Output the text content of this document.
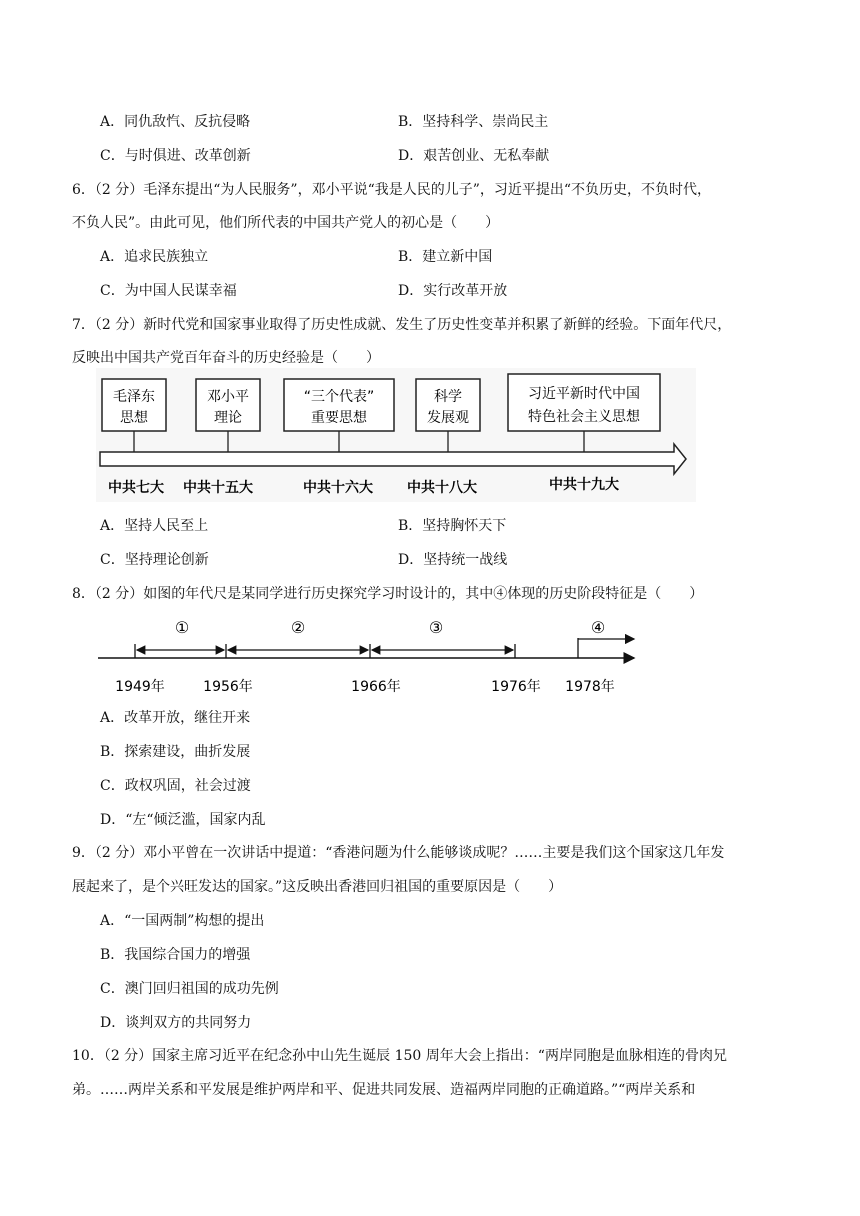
A．同仇敌忾、反抗侵略	B．坚持科学、崇尚民主
C．与时俱进、改革创新	D．艰苦创业、无私奉献
6．（2 分）毛泽东提出“为人民服务”，邓小平说“我是人民的儿子”，习近平提出“不负历史，不负时代，
不负人民”。由此可见，他们所代表的中国共产党人的初心是（　　）
A．追求民族独立	B．建立新中国
C．为中国人民谋幸福	D．实行改革开放
7．（2 分）新时代党和国家事业取得了历史性成就、发生了历史性变革并积累了新鲜的经验。下面年代尺，
反映出中国共产党百年奋斗的历史经验是（　　）
毛泽东
思想
邓小平
理论
“三个代表”
重要思想
科学
发展观
习近平新时代中国
特色社会主义思想
中共七大 中共十五大	中共十六大 中共十八大	中共十九大
A．坚持人民至上	B．坚持胸怀天下
C．坚持理论创新	D．坚持统一战线
8．（2 分）如图的年代尺是某同学进行历史探究学习时设计的，其中④体现的历史阶段特征是（　　）
①	②	③	④
1949年	1956年	1966年	1976年 1978年
A．改革开放，继往开来
B．探索建设，曲折发展
C．政权巩固，社会过渡
D．“左“倾泛滥，国家内乱
9．（2 分）邓小平曾在一次讲话中提道：“香港问题为什么能够谈成呢？……主要是我们这个国家这几年发
展起来了，是个兴旺发达的国家。”这反映出香港回归祖国的重要原因是（　　）
A．“一国两制”构想的提出
B．我国综合国力的增强
C．澳门回归祖国的成功先例
D．谈判双方的共同努力
10．（2 分）国家主席习近平在纪念孙中山先生诞辰 150 周年大会上指出：“两岸同胞是血脉相连的骨肉兄
弟。……两岸关系和平发展是维护两岸和平、促进共同发展、造福两岸同胞的正确道路。”“两岸关系和
